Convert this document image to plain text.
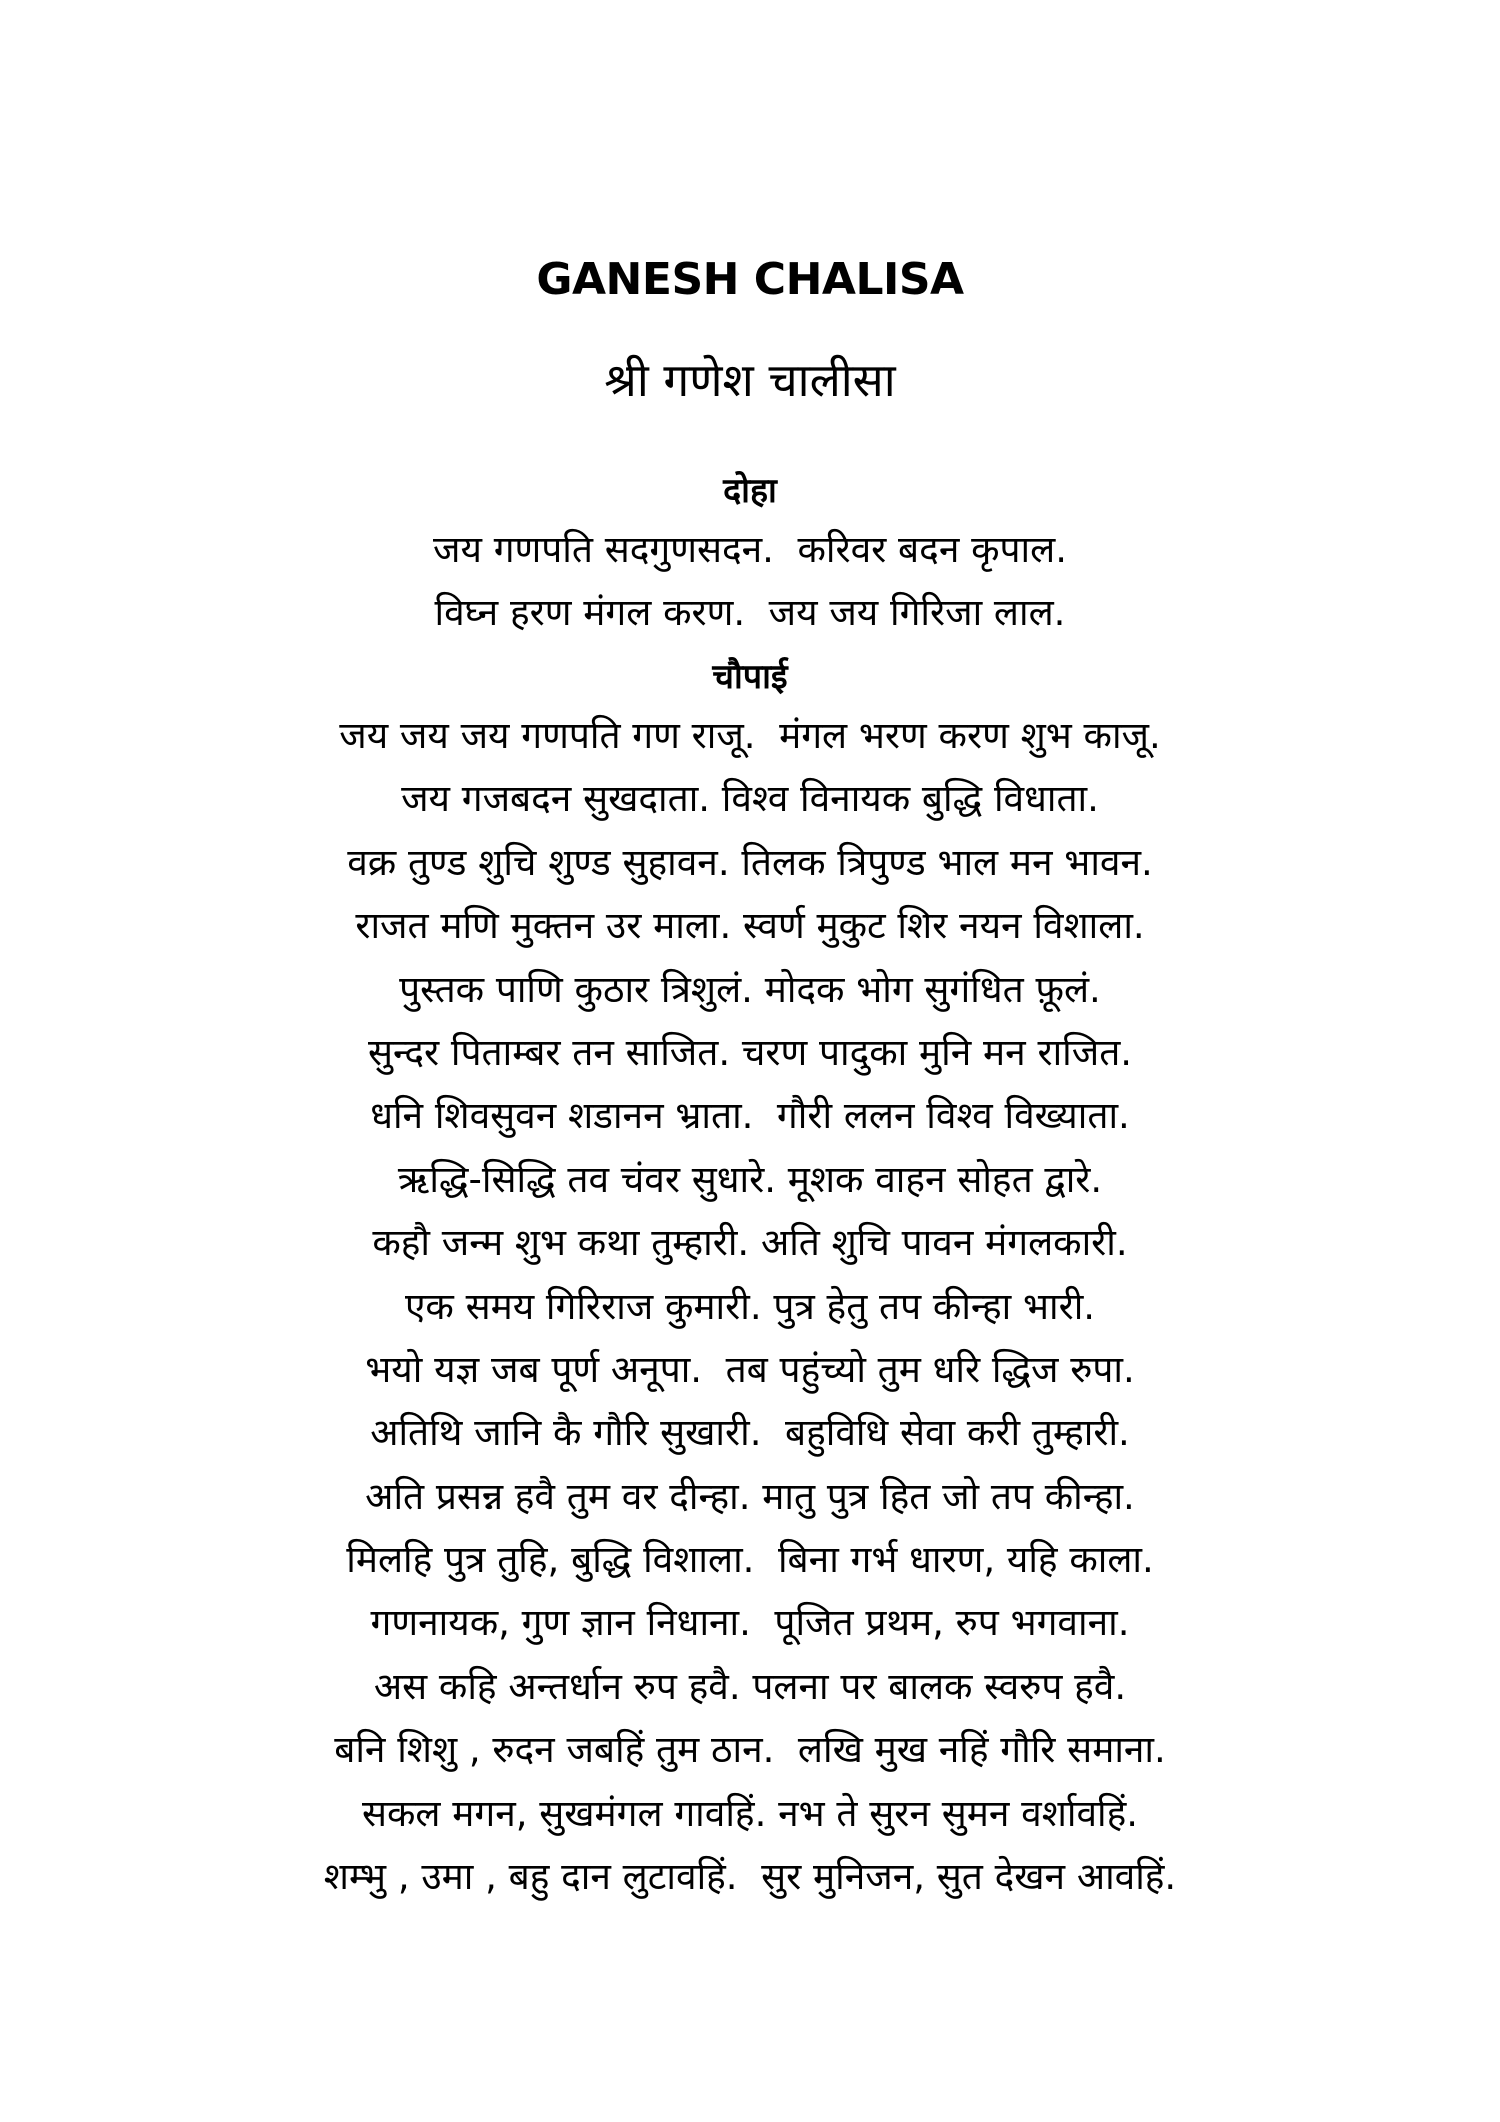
GANESH CHALISA
श्री गणेश चालीसा
दोहा
जय गणपति सदगुणसदन.  करिवर बदन कृपाल.
विघ्न हरण मंगल करण.  जय जय गिरिजा लाल.
चौपाई
जय जय जय गणपति गण राजू.  मंगल भरण करण शुभ काजू.
जय गजबदन सुखदाता. विश्व विनायक बुद्धि विधाता.
वक्र तुण्ड शुचि शुण्ड सुहावन. तिलक त्रिपुण्ड भाल मन भावन.
राजत मणि मुक्तन उर माला. स्वर्ण मुकुट शिर नयन विशाला.
पुस्तक पाणि कुठार त्रिशुलं. मोदक भोग सुगंधित फ़ूलं.
सुन्दर पिताम्बर तन साजित. चरण पादुका मुनि मन राजित.
धनि शिवसुवन शडानन भ्राता.  गौरी ललन विश्व विख्याता.
ऋद्धि-सिद्धि तव चंवर सुधारे. मूशक वाहन सोहत द्वारे.
कहौ जन्म शुभ कथा तुम्हारी. अति शुचि पावन मंगलकारी.
एक समय गिरिराज कुमारी. पुत्र हेतु तप कीन्हा भारी.
भयो यज्ञ जब पूर्ण अनूपा.  तब पहुंच्यो तुम धरि द्धिज रुपा.
अतिथि जानि कै गौरि सुखारी.  बहुविधि सेवा करी तुम्हारी.
अति प्रसन्न हवै तुम वर दीन्हा. मातु पुत्र हित जो तप कीन्हा.
मिलहि पुत्र तुहि, बुद्धि विशाला.  बिना गर्भ धारण, यहि काला.
गणनायक, गुण ज्ञान निधाना.  पूजित प्रथम, रुप भगवाना.
अस कहि अन्तर्धान रुप हवै. पलना पर बालक स्वरुप हवै.
बनि शिशु , रुदन जबहिं तुम ठान.  लखि मुख नहिं गौरि समाना.
सकल मगन, सुखमंगल गावहिं. नभ ते सुरन सुमन वर्शावहिं.
शम्भु , उमा , बहु दान लुटावहिं.  सुर मुनिजन, सुत देखन आवहिं.
